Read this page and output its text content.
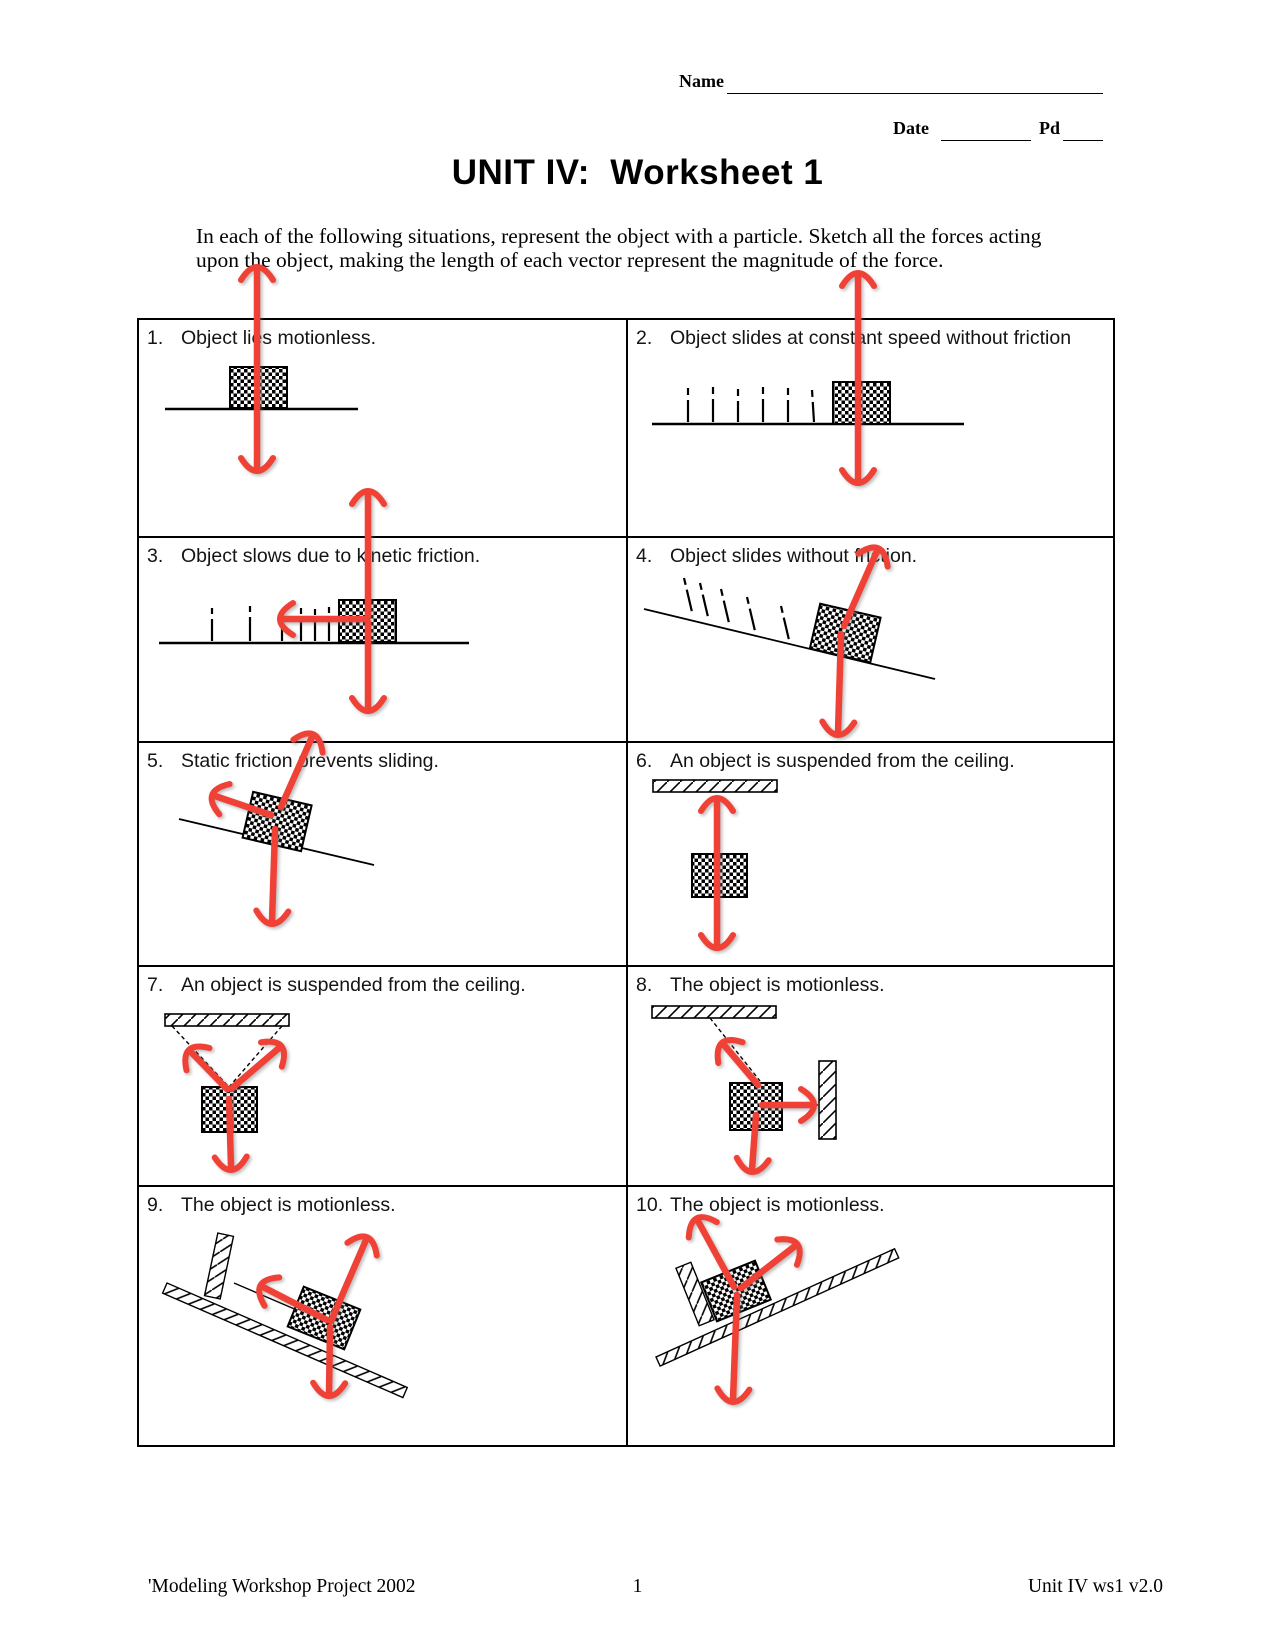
Name
Date	Pd
UNIT IV:  Worksheet 1
In each of the following situations, represent the object with a particle. Sketch all the forces acting
upon the object, making the length of each vector represent the magnitude of the force.
1. Object lies motionless.	2. Object slides at constant speed without friction
3. Object slows due to kinetic friction.	4. Object slides without friction.
5. Static friction prevents sliding.	6. An object is suspended from the ceiling.
7. An object is suspended from the ceiling.	8. The object is motionless.
9. The object is motionless.	10. The object is motionless.
'Modeling Workshop Project 2002	1	Unit IV ws1 v2.0
